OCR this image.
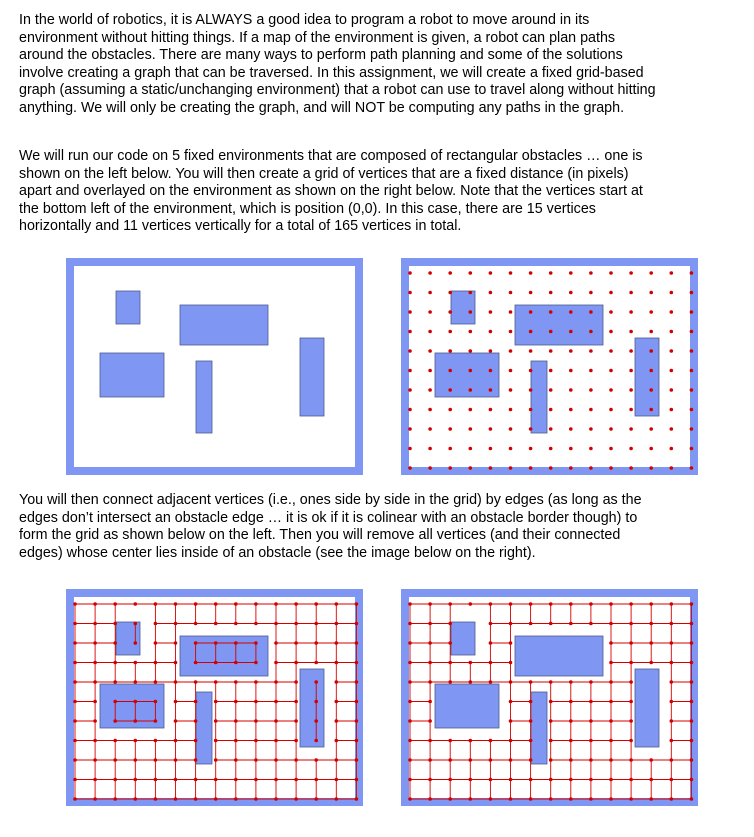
In the world of robotics, it is ALWAYS a good idea to program a robot to move around in its
environment without hitting things. If a map of the environment is given, a robot can plan paths
around the obstacles. There are many ways to perform path planning and some of the solutions
involve creating a graph that can be traversed. In this assignment, we will create a fixed grid-based
graph (assuming a static/unchanging environment) that a robot can use to travel along without hitting
anything. We will only be creating the graph, and will NOT be computing any paths in the graph.
We will run our code on 5 fixed environments that are composed of rectangular obstacles … one is
shown on the left below. You will then create a grid of vertices that are a fixed distance (in pixels)
apart and overlayed on the environment as shown on the right below. Note that the vertices start at
the bottom left of the environment, which is position (0,0). In this case, there are 15 vertices
horizontally and 11 vertices vertically for a total of 165 vertices in total.
You will then connect adjacent vertices (i.e., ones side by side in the grid) by edges (as long as the
edges don’t intersect an obstacle edge … it is ok if it is colinear with an obstacle border though) to
form the grid as shown below on the left. Then you will remove all vertices (and their connected
edges) whose center lies inside of an obstacle (see the image below on the right).
